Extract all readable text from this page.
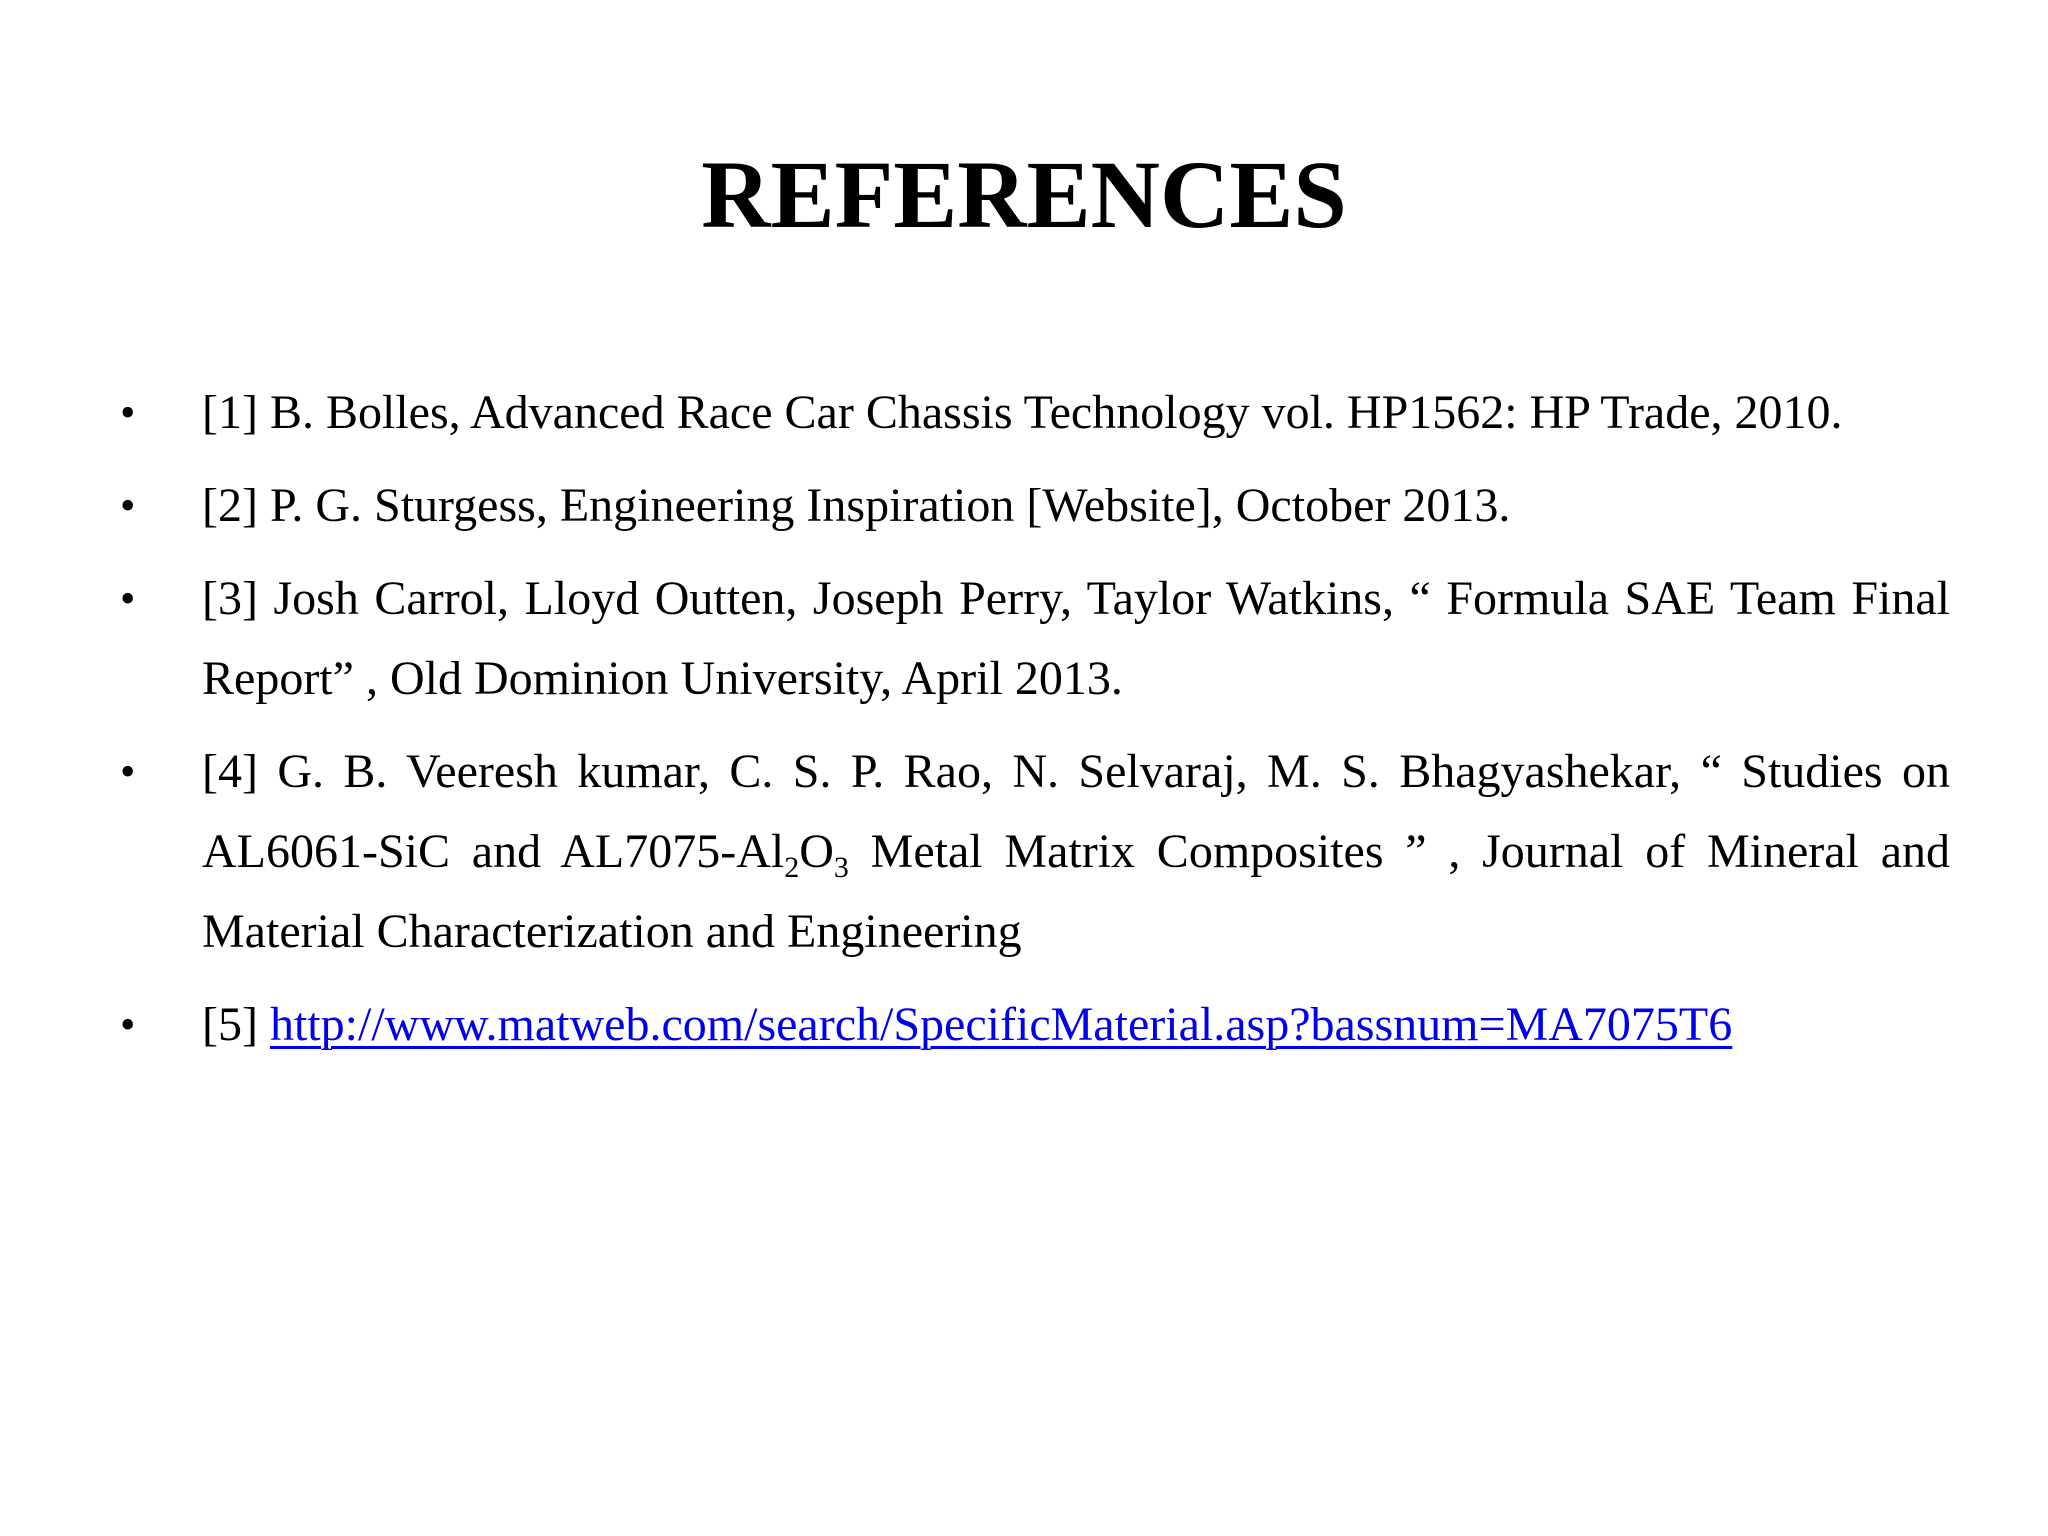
REFERENCES
•	[1] B. Bolles, Advanced Race Car Chassis Technology vol. HP1562: HP Trade, 2010.
•	[2] P. G. Sturgess, Engineering Inspiration [Website], October 2013.
•	[3] Josh Carrol, Lloyd Outten, Joseph Perry, Taylor Watkins, “ Formula SAE Team Final Report” , Old Dominion University, April 2013.
•	[4] G. B. Veeresh kumar, C. S. P. Rao, N. Selvaraj, M. S. Bhagyashekar, “ Studies on AL6061-SiC and $AL7075-Al_2O_3$ Metal Matrix Composites ” , Journal of Mineral and Material Characterization and Engineering
•	[5] http://www.matweb.com/search/SpecificMaterial.asp?bassnum=MA7075T6
